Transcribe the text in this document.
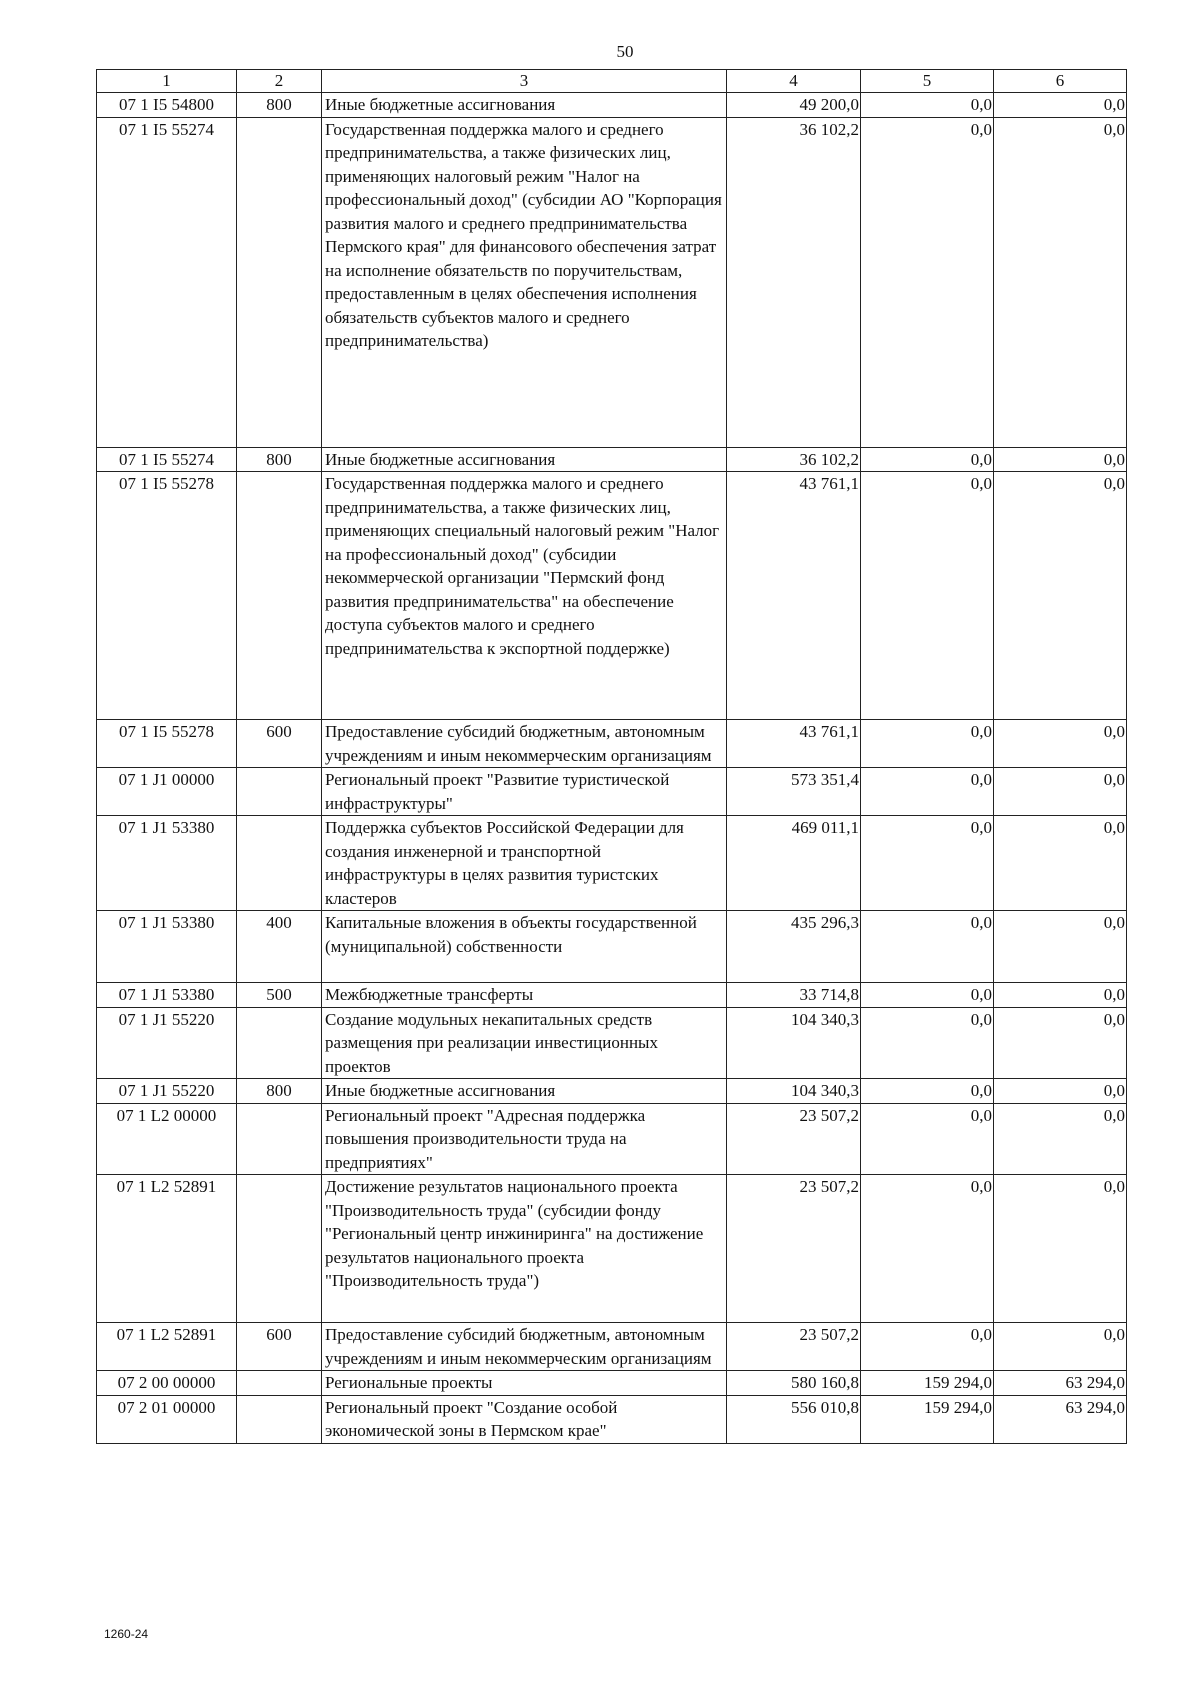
50
1	2	3	4	5	6
07 1 I5 54800	800	Иные бюджетные ассигнования	49 200,0	0,0	0,0
07 1 I5 55274		Государственная поддержка малого и среднего предпринимательства, а также физических лиц, применяющих налоговый режим "Налог на профессиональный доход" (субсидии АО "Корпорация развития малого и среднего предпринимательства Пермского края" для финансового обеспечения затрат на исполнение обязательств по поручительствам, предоставленным в целях обеспечения исполнения обязательств субъектов малого и среднего предпринимательства)	36 102,2	0,0	0,0
07 1 I5 55274	800	Иные бюджетные ассигнования	36 102,2	0,0	0,0
07 1 I5 55278		Государственная поддержка малого и среднего предпринимательства, а также физических лиц, применяющих специальный налоговый режим "Налог на профессиональный доход" (субсидии некоммерческой организации "Пермский фонд развития предпринимательства" на обеспечение доступа субъектов малого и среднего предпринимательства к экспортной поддержке)	43 761,1	0,0	0,0
07 1 I5 55278	600	Предоставление субсидий бюджетным, автономным учреждениям и иным некоммерческим организациям	43 761,1	0,0	0,0
07 1 J1 00000		Региональный проект "Развитие туристической инфраструктуры"	573 351,4	0,0	0,0
07 1 J1 53380		Поддержка субъектов Российской Федерации для создания инженерной и транспортной инфраструктуры в целях развития туристских кластеров	469 011,1	0,0	0,0
07 1 J1 53380	400	Капитальные вложения в объекты государственной (муниципальной) собственности	435 296,3	0,0	0,0
07 1 J1 53380	500	Межбюджетные трансферты	33 714,8	0,0	0,0
07 1 J1 55220		Создание модульных некапитальных средств размещения при реализации инвестиционных проектов	104 340,3	0,0	0,0
07 1 J1 55220	800	Иные бюджетные ассигнования	104 340,3	0,0	0,0
07 1 L2 00000		Региональный проект "Адресная поддержка повышения производительности труда на предприятиях"	23 507,2	0,0	0,0
07 1 L2 52891		Достижение результатов национального проекта "Производительность труда" (субсидии фонду "Региональный центр инжиниринга" на достижение результатов национального проекта "Производительность труда")	23 507,2	0,0	0,0
07 1 L2 52891	600	Предоставление субсидий бюджетным, автономным учреждениям и иным некоммерческим организациям	23 507,2	0,0	0,0
07 2 00 00000		Региональные проекты	580 160,8	159 294,0	63 294,0
07 2 01 00000		Региональный проект "Создание особой экономической зоны в Пермском крае"	556 010,8	159 294,0	63 294,0
1260-24
